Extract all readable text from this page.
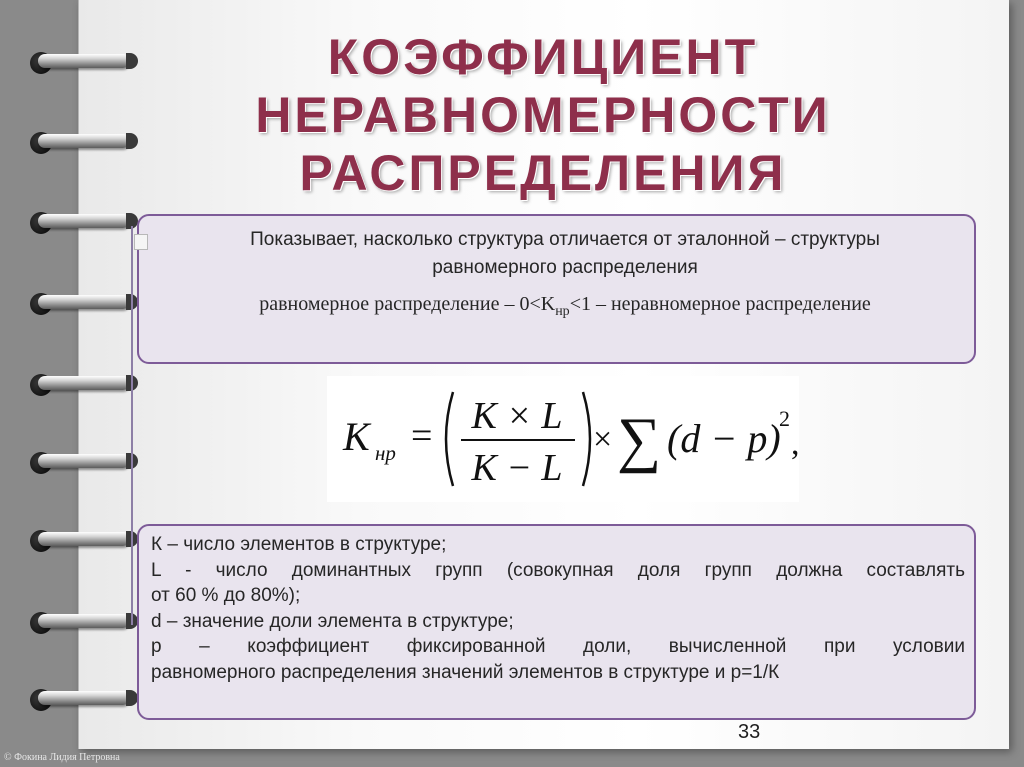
КОЭФФИЦИЕНТ НЕРАВНОМЕРНОСТИ
РАСПРЕДЕЛЕНИЯ

Показывает, насколько структура отличается от эталонной – структуры
равномерного распределения

равномерное распределение – $0<K_{нр}<1$ – неравномерное распределение

K нр = K × L
K − L
× ∑ (d − p)
2
,
К – число элементов в структуре;
L - число доминантных групп (совокупная доля групп должна составлять
от 60 % до 80%);
d – значение доли элемента в структуре;
p – коэффициент фиксированной доли, вычисленной при условии
равномерного распределения значений элементов в структуре и p=1/К
33
© Фокина Лидия Петровна
